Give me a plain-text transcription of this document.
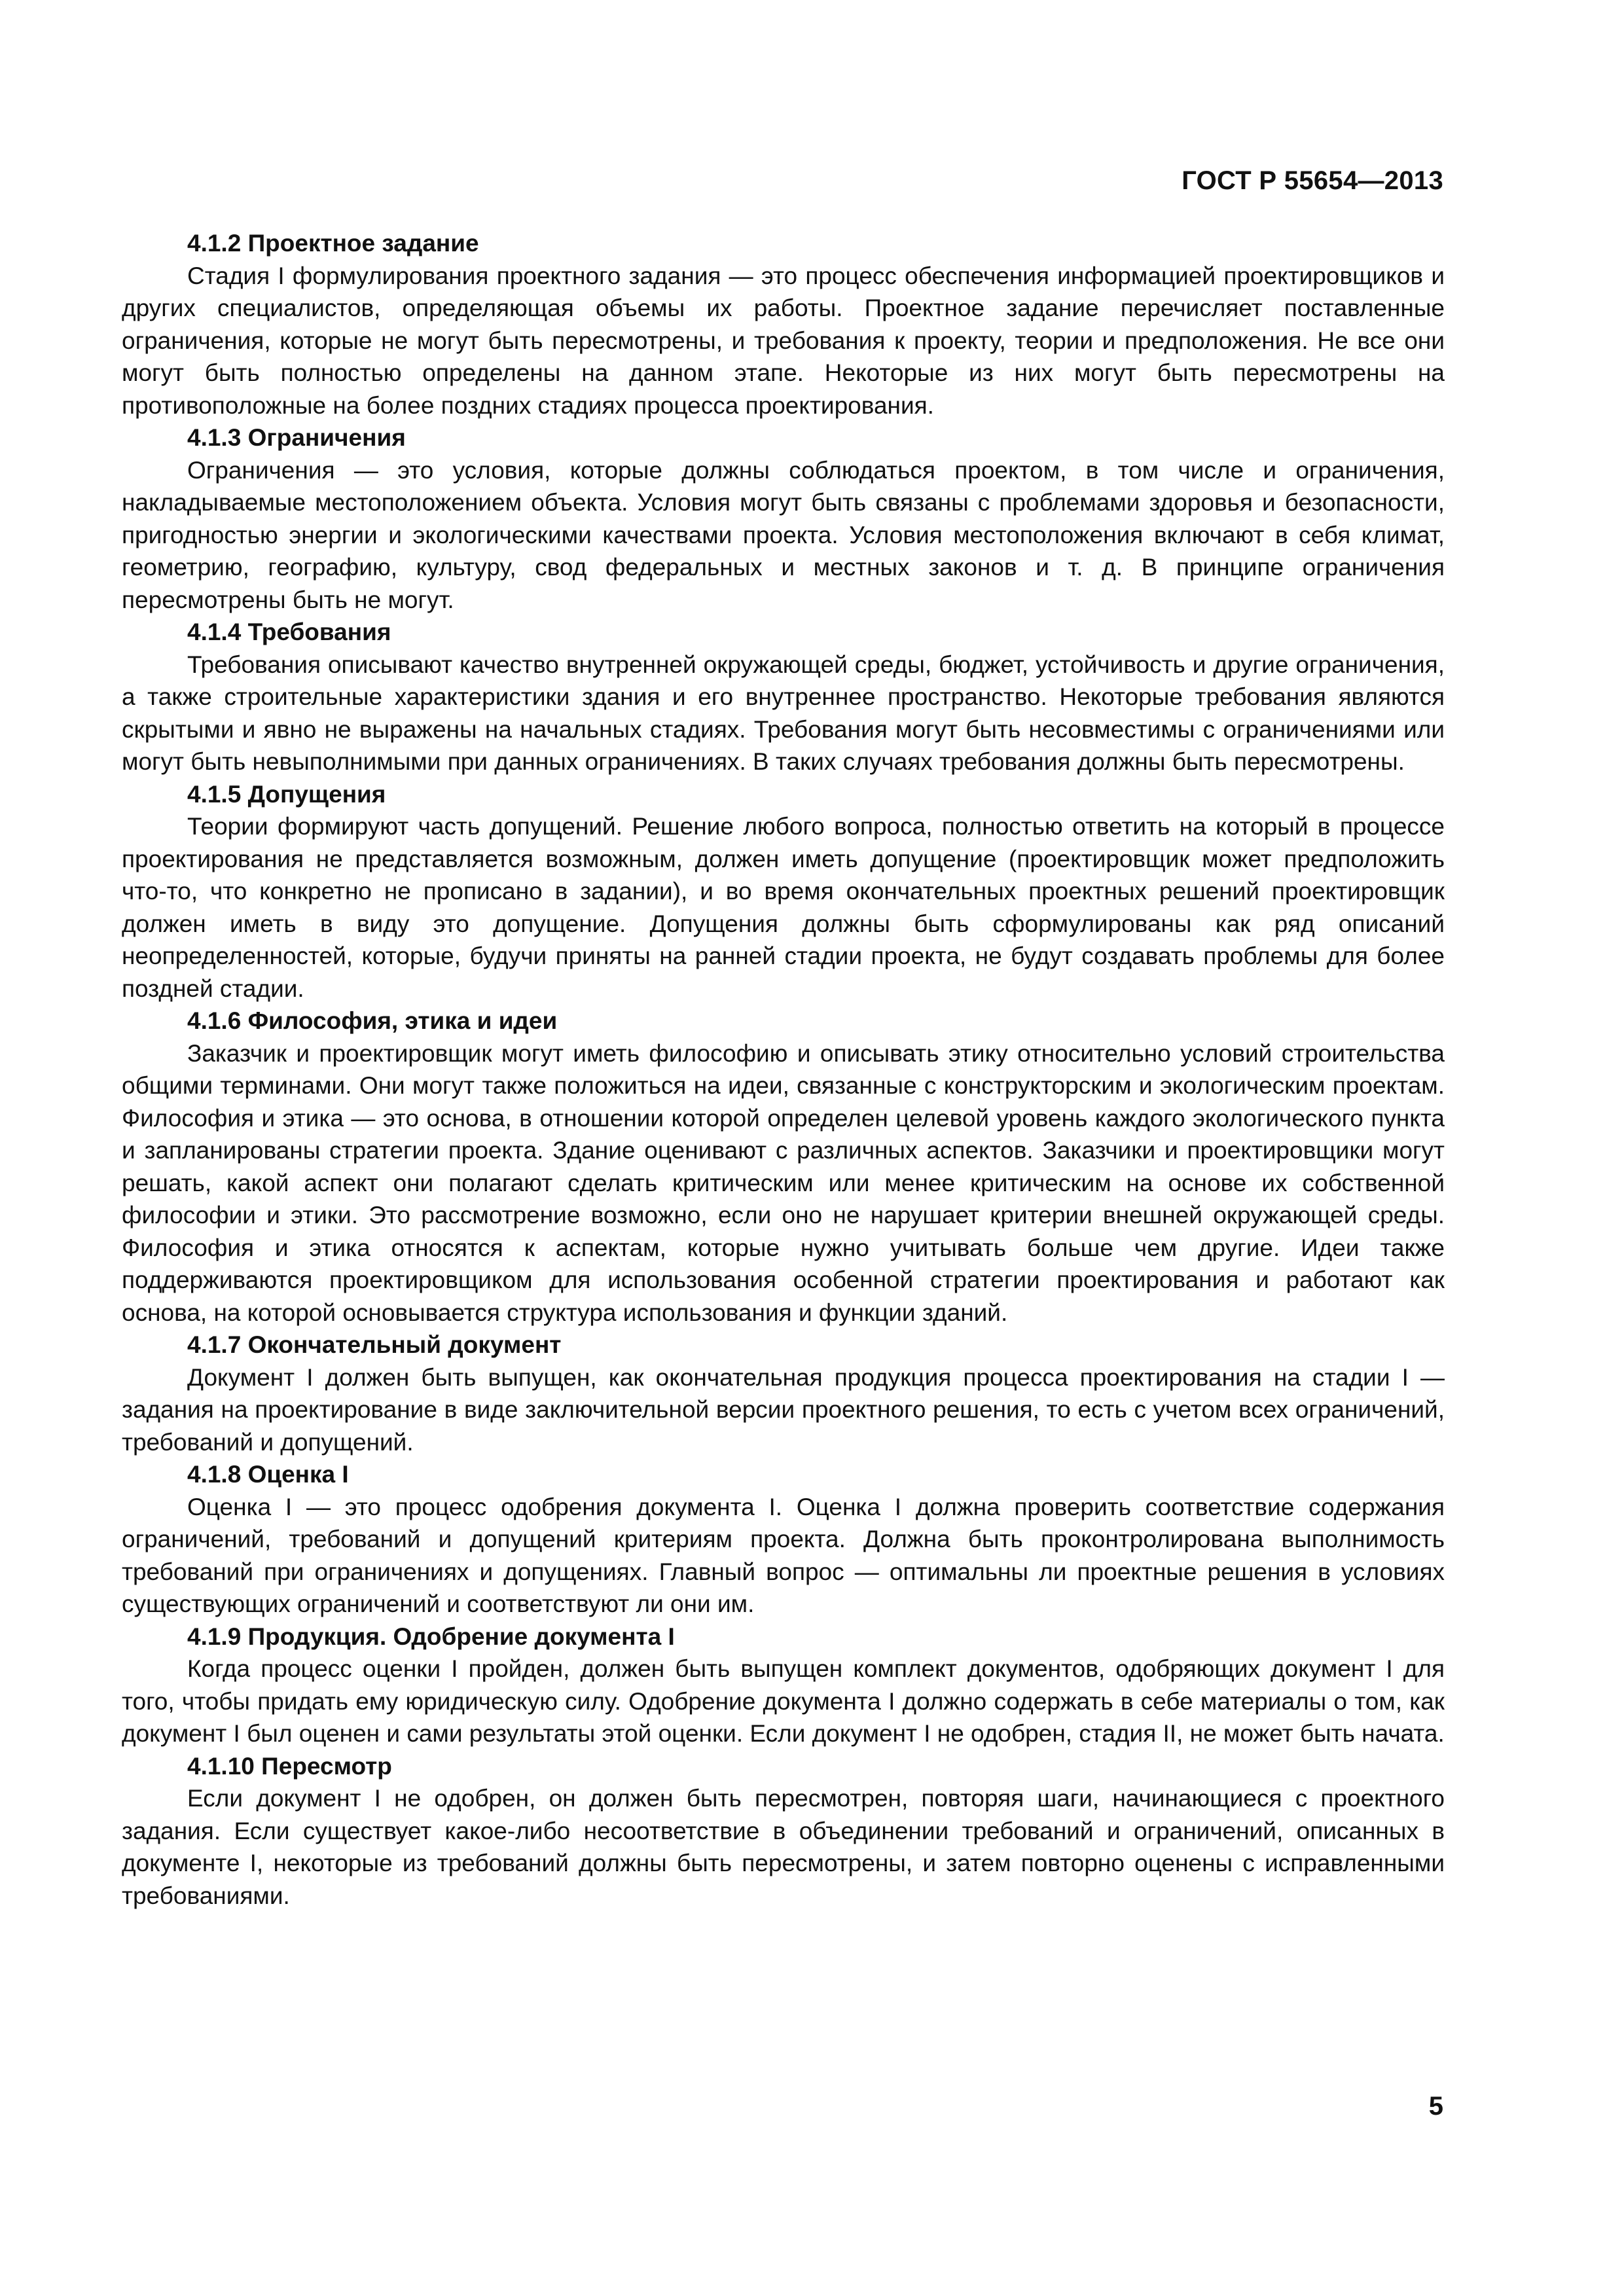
ГОСТ Р 55654—2013

4.1.2 Проектное задание

Стадия I формулирования проектного задания — это процесс обеспечения информацией проектировщиков и других специалистов, определяющая объемы их работы. Проектное задание перечисляет поставленные ограничения, которые не могут быть пересмотрены, и требования к проекту, теории и предположения. Не все они могут быть полностью определены на данном этапе. Некоторые из них могут быть пересмотрены на противоположные на более поздних стадиях процесса проектирования.

4.1.3 Ограничения

Ограничения — это условия, которые должны соблюдаться проектом, в том числе и ограничения, накладываемые местоположением объекта. Условия могут быть связаны с проблемами здоровья и безопасности, пригодностью энергии и экологическими качествами проекта. Условия местоположения включают в себя климат, геометрию, географию, культуру, свод федеральных и местных законов и т. д. В принципе ограничения пересмотрены быть не могут.

4.1.4 Требования

Требования описывают качество внутренней окружающей среды, бюджет, устойчивость и другие ограничения, а также строительные характеристики здания и его внутреннее пространство. Некоторые требования являются скрытыми и явно не выражены на начальных стадиях. Требования могут быть несовместимы с ограничениями или могут быть невыполнимыми при данных ограничениях. В таких случаях требования должны быть пересмотрены.

4.1.5 Допущения

Теории формируют часть допущений. Решение любого вопроса, полностью ответить на который в процессе проектирования не представляется возможным, должен иметь допущение (проектировщик может предположить что-то, что конкретно не прописано в задании), и во время окончательных проектных решений проектировщик должен иметь в виду это допущение. Допущения должны быть сформулированы как ряд описаний неопределенностей, которые, будучи приняты на ранней стадии проекта, не будут создавать проблемы для более поздней стадии.

4.1.6 Философия, этика и идеи

Заказчик и проектировщик могут иметь философию и описывать этику относительно условий строительства общими терминами. Они могут также положиться на идеи, связанные с конструкторским и экологическим проектам. Философия и этика — это основа, в отношении которой определен целевой уровень каждого экологического пункта и запланированы стратегии проекта. Здание оценивают с различных аспектов. Заказчики и проектировщики могут решать, какой аспект они полагают сделать критическим или менее критическим на основе их собственной философии и этики. Это рассмотрение возможно, если оно не нарушает критерии внешней окружающей среды. Философия и этика относятся к аспектам, которые нужно учитывать больше чем другие. Идеи также поддерживаются проектировщиком для использования особенной стратегии проектирования и работают как основа, на которой основывается структура использования и функции зданий.

4.1.7 Окончательный документ

Документ I должен быть выпущен, как окончательная продукция процесса проектирования на стадии I — задания на проектирование в виде заключительной версии проектного решения, то есть с учетом всех ограничений, требований и допущений.

4.1.8 Оценка I

Оценка I — это процесс одобрения документа I. Оценка I должна проверить соответствие содержания ограничений, требований и допущений критериям проекта. Должна быть проконтролирована выполнимость требований при ограничениях и допущениях. Главный вопрос — оптимальны ли проектные решения в условиях существующих ограничений и соответствуют ли они им.

4.1.9 Продукция. Одобрение документа I

Когда процесс оценки I пройден, должен быть выпущен комплект документов, одобряющих документ I для того, чтобы придать ему юридическую силу. Одобрение документа I должно содержать в себе материалы о том, как документ I был оценен и сами результаты этой оценки. Если документ I не одобрен, стадия II, не может быть начата.

4.1.10 Пересмотр

Если документ I не одобрен, он должен быть пересмотрен, повторяя шаги, начинающиеся с проектного задания. Если существует какое-либо несоответствие в объединении требований и ограничений, описанных в документе I, некоторые из требований должны быть пересмотрены, и затем повторно оценены с исправленными требованиями.

5
